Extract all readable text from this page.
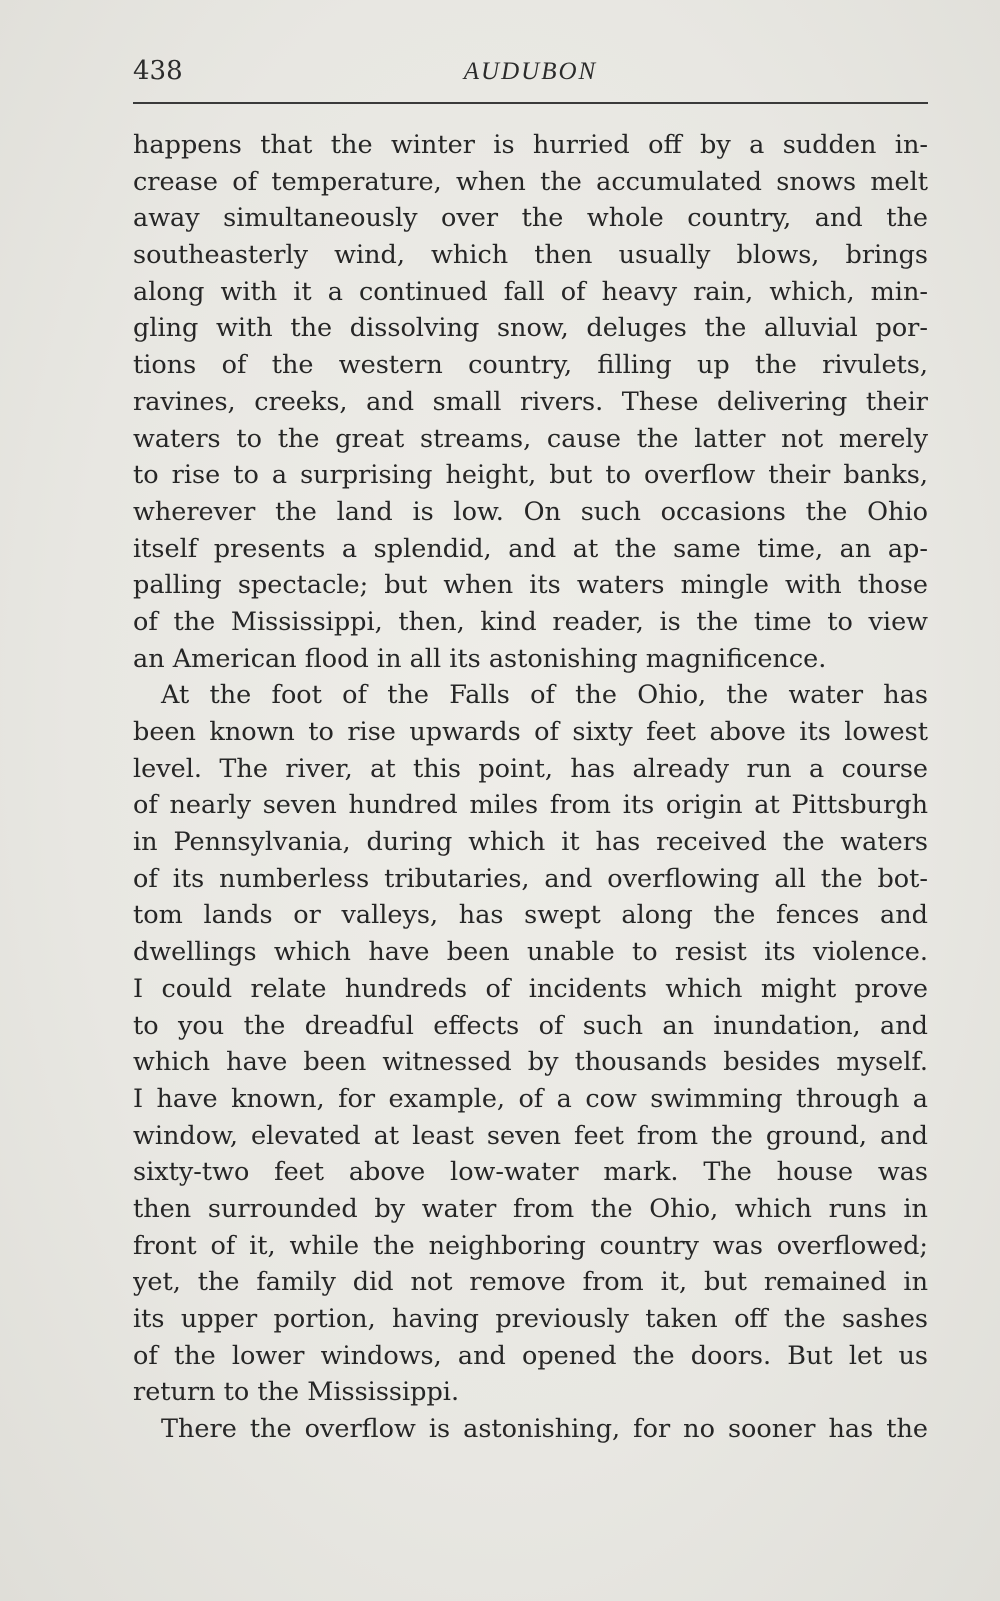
438	AUDUBON
happens that the winter is hurried off by a sudden in-
crease of temperature, when the accumulated snows melt
away simultaneously over the whole country, and the
southeasterly wind, which then usually blows, brings
along with it a continued fall of heavy rain, which, min-
gling with the dissolving snow, deluges the alluvial por-
tions of the western country, filling up the rivulets,
ravines, creeks, and small rivers. These delivering their
waters to the great streams, cause the latter not merely
to rise to a surprising height, but to overflow their banks,
wherever the land is low. On such occasions the Ohio
itself presents a splendid, and at the same time, an ap-
palling spectacle; but when its waters mingle with those
of the Mississippi, then, kind reader, is the time to view
an American flood in all its astonishing magnificence.
At the foot of the Falls of the Ohio, the water has
been known to rise upwards of sixty feet above its lowest
level. The river, at this point, has already run a course
of nearly seven hundred miles from its origin at Pittsburgh
in Pennsylvania, during which it has received the waters
of its numberless tributaries, and overflowing all the bot-
tom lands or valleys, has swept along the fences and
dwellings which have been unable to resist its violence.
I could relate hundreds of incidents which might prove
to you the dreadful effects of such an inundation, and
which have been witnessed by thousands besides myself.
I have known, for example, of a cow swimming through a
window, elevated at least seven feet from the ground, and
sixty-two feet above low-water mark. The house was
then surrounded by water from the Ohio, which runs in
front of it, while the neighboring country was overflowed;
yet, the family did not remove from it, but remained in
its upper portion, having previously taken off the sashes
of the lower windows, and opened the doors. But let us
return to the Mississippi.
There the overflow is astonishing, for no sooner has the
